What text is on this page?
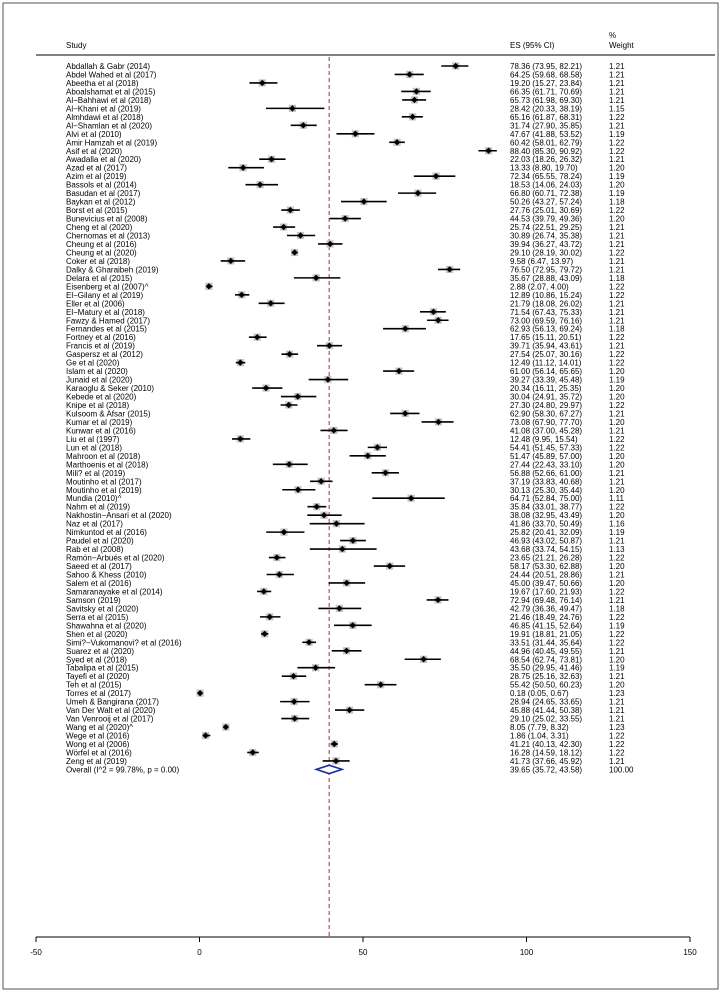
Study	ES (95% CI)
%
Weight
Abdallah & Gabr (2014)	78.36 (73.95, 82.21)	1.21
Abdel Wahed et al (2017)	64.25 (59.68, 68.58)	1.21
Abeetha et al (2018)	19.20 (15.27, 23.84)	1.21
Aboalshamat et al (2015)	66.35 (61.71, 70.69)	1.21
Al−Bahhawi et al (2018)	65.73 (61.98, 69.30)	1.21
Al−Khani et al (2019)	28.42 (20.33, 38.19)	1.15
Almhdawi et al (2018)	65.16 (61.87, 68.31)	1.22
Al−Shamlan et al (2020)	31.74 (27.90, 35.85)	1.21
Alvi et al (2010)	47.67 (41.88, 53.52)	1.19
Amir Hamzah et al (2019)	60.42 (58.01, 62.79)	1.22
Asif et al (2020)	88.40 (85.30, 90.92)	1.22
Awadalla et al (2020)	22.03 (18.26, 26.32)	1.21
Azad et al (2017)	13.33 (8.80, 19.70)	1.20
Azim et al (2019)	72.34 (65.55, 78.24)	1.19
Bassols et al (2014)	18.53 (14.06, 24.03)	1.20
Basudan et al (2017)	66.80 (60.71, 72.38)	1.19
Baykan et al (2012)	50.26 (43.27, 57.24)	1.18
Borst et al (2015)	27.76 (25.01, 30.69)	1.22
Bunevicius et al (2008)	44.53 (39.79, 49.36)	1.20
Cheng et al (2020)	25.74 (22.51, 29.25)	1.21
Chernomas et al (2013)	30.89 (26.74, 35.38)	1.21
Cheung et al (2016)	39.94 (36.27, 43.72)	1.21
Cheung et al (2020)	29.10 (28.19, 30.02)	1.22
Coker et al (2018)	9.58 (6.47, 13.97)	1.21
Dalky & Gharaibeh (2019)	76.50 (72.95, 79.72)	1.21
Delara et al (2015)	35.67 (28.88, 43.09)	1.18
Eisenberg et al (2007)^	2.88 (2.07, 4.00)	1.22
El−Gilany et al (2019)	12.89 (10.86, 15.24)	1.22
Eller et al (2006)	21.79 (18.08, 26.02)	1.21
El−Matury et al (2018)	71.54 (67.43, 75.33)	1.21
Fawzy & Hamed (2017)	73.00 (69.59, 76.16)	1.21
Fernandes et al (2015)	62.93 (56.13, 69.24)	1.18
Fortney et al (2016)	17.65 (15.11, 20.51)	1.22
Francis et al (2019)	39.71 (35.94, 43.61)	1.21
Gaspersz et al (2012)	27.54 (25.07, 30.16)	1.22
Ge et al (2020)	12.49 (11.12, 14.01)	1.22
Islam et al (2020)	61.00 (56.14, 65.65)	1.20
Junaid et al (2020)	39.27 (33.39, 45.48)	1.19
Karaoglu & Seker (2010)	20.34 (16.11, 25.35)	1.20
Kebede et al (2020)	30.04 (24.91, 35.72)	1.20
Knipe et al (2018)	27.30 (24.80, 29.97)	1.22
Kulsoom & Afsar (2015)	62.90 (58.30, 67.27)	1.21
Kumar et al (2019)	73.08 (67.90, 77.70)	1.20
Kunwar et al (2016)	41.08 (37.00, 45.28)	1.21
Liu et al (1997)	12.48 (9.95, 15.54)	1.22
Lun et al (2018)	54.41 (51.45, 57.33)	1.22
Mahroon et al (2018)	51.47 (45.89, 57.00)	1.20
Marthoenis et al (2018)	27.44 (22.43, 33.10)	1.20
Mili? et al (2019)	56.88 (52.66, 61.00)	1.21
Moutinho et al (2017)	37.19 (33.83, 40.68)	1.21
Moutinho et al (2019)	30.13 (25.30, 35.44)	1.20
Mundia (2010)^	64.71 (52.84, 75.00)	1.11
Nahm et al (2019)	35.84 (33.01, 38.77)	1.22
Nakhostin−Ansari et al (2020)	38.08 (32.95, 43.49)	1.20
Naz et al (2017)	41.86 (33.70, 50.49)	1.16
Nimkuntod et al (2016)	25.82 (20.41, 32.09)	1.19
Paudel et al (2020)	46.93 (43.02, 50.87)	1.21
Rab et al (2008)	43.68 (33.74, 54.15)	1.13
Ramón−Arbués et al (2020)	23.65 (21.21, 26.28)	1.22
Saeed et al (2017)	58.17 (53.30, 62.88)	1.20
Sahoo & Khess (2010)	24.44 (20.51, 28.86)	1.21
Salem et al (2016)	45.00 (39.47, 50.66)	1.20
Samaranayake et al (2014)	19.67 (17.60, 21.93)	1.22
Samson (2019)	72.94 (69.48, 76.14)	1.21
Savitsky et al (2020)	42.79 (36.36, 49.47)	1.18
Serra et al (2015)	21.46 (18.49, 24.76)	1.22
Shawahna et al (2020)	46.85 (41.15, 52.64)	1.19
Shen et al (2020)	19.91 (18.81, 21.05)	1.22
Simi?−Vukomanovi? et al (2016)	33.51 (31.44, 35.64)	1.22
Suarez et al (2020)	44.96 (40.45, 49.55)	1.21
Syed et al (2018)	68.54 (62.74, 73.81)	1.20
Tabalipa et al (2015)	35.50 (29.95, 41.46)	1.19
Tayefi et al (2020)	28.75 (25.16, 32.63)	1.21
Teh et al (2015)	55.42 (50.50, 60.23)	1.20
Torres et al (2017)	0.18 (0.05, 0.67)	1.23
Umeh & Bangirana (2017)	28.94 (24.65, 33.65)	1.21
Van Der Walt et al (2020)	45.88 (41.44, 50.38)	1.21
Van Venrooij et al (2017)	29.10 (25.02, 33.55)	1.21
Wang et al (2020)^	8.05 (7.79, 8.32)	1.23
Wege et al (2016)	1.86 (1.04, 3.31)	1.22
Wong et al (2006)	41.21 (40.13, 42.30)	1.22
Wörfel et al (2016)	16.28 (14.59, 18.12)	1.22
Zeng et al (2019)	41.73 (37.66, 45.92)	1.21
Overall (I^2 = 99.78%, p = 0.00)	39.65 (35.72, 43.58)	100.00
-50	0	50	100	150
